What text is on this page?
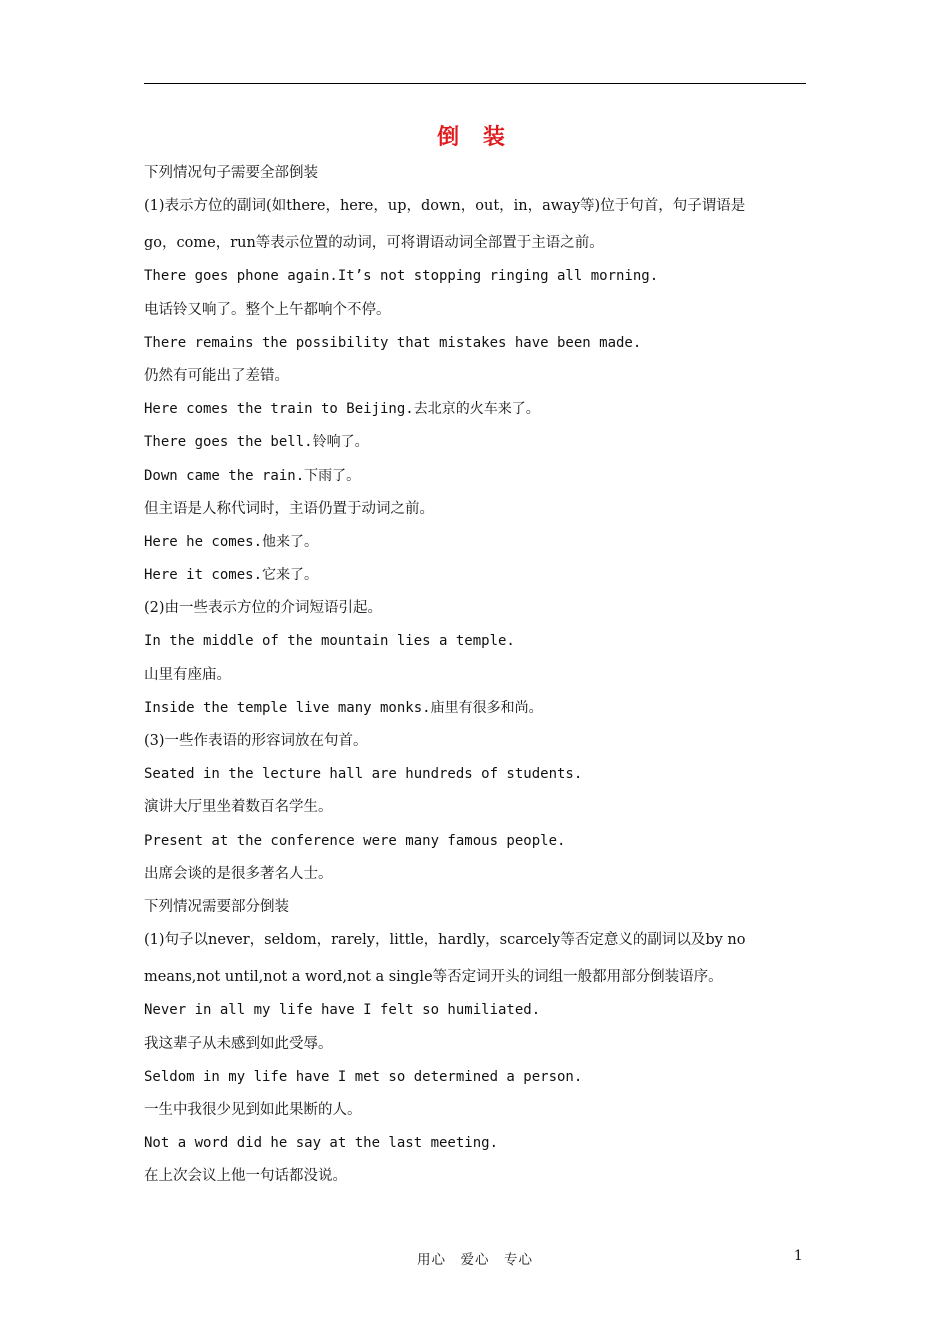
倒 装
下列情况句子需要全部倒装
(1)表示方位的副词(如there，here，up，down，out，in，away等)位于句首，句子谓语是
go，come，run等表示位置的动词，可将谓语动词全部置于主语之前。
There goes phone again.It’s not stopping ringing all morning.
电话铃又响了。整个上午都响个不停。
There remains the possibility that mistakes have been made.
仍然有可能出了差错。
Here comes the train to Beijing.去北京的火车来了。
There goes the bell.铃响了。
Down came the rain.下雨了。
但主语是人称代词时，主语仍置于动词之前。
Here he comes.他来了。
Here it comes.它来了。
(2)由一些表示方位的介词短语引起。
In the middle of the mountain lies a temple.
山里有座庙。
Inside the temple live many monks.庙里有很多和尚。
(3)一些作表语的形容词放在句首。
Seated in the lecture hall are hundreds of students.
演讲大厅里坐着数百名学生。
Present at the conference were many famous people.
出席会谈的是很多著名人士。
下列情况需要部分倒装
(1)句子以never，seldom，rarely，little，hardly，scarcely等否定意义的副词以及by no
means,not until,not a word,not a single等否定词开头的词组一般都用部分倒装语序。
Never in all my life have I felt so humiliated.
我这辈子从未感到如此受辱。
Seldom in my life have I met so determined a person.
一生中我很少见到如此果断的人。
Not a word did he say at the last meeting.
在上次会议上他一句话都没说。
用心　爱心　专心	1
